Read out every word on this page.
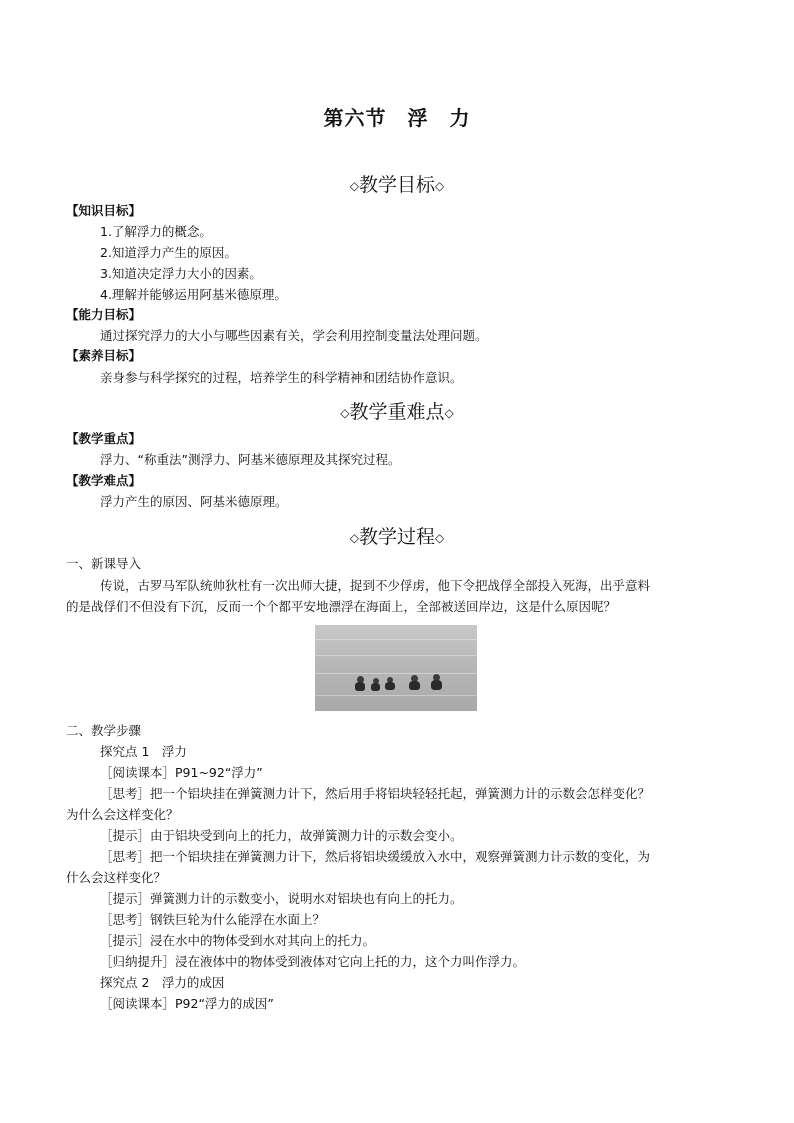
第六节　浮　力
◇教学目标◇
【知识目标】
1.了解浮力的概念。
2.知道浮力产生的原因。
3.知道决定浮力大小的因素。
4.理解并能够运用阿基米德原理。
【能力目标】
通过探究浮力的大小与哪些因素有关，学会利用控制变量法处理问题。
【素养目标】
亲身参与科学探究的过程，培养学生的科学精神和团结协作意识。
◇教学重难点◇
【教学重点】
浮力、“称重法”测浮力、阿基米德原理及其探究过程。
【教学难点】
浮力产生的原因、阿基米德原理。
◇教学过程◇
一、新课导入
传说，古罗马军队统帅狄杜有一次出师大捷，捉到不少俘虏，他下令把战俘全部投入死海，出乎意料
的是战俘们不但没有下沉，反而一个个都平安地漂浮在海面上，全部被送回岸边，这是什么原因呢？
二、教学步骤
探究点 1　浮力
［阅读课本］P91~92“浮力”
［思考］把一个铝块挂在弹簧测力计下，然后用手将铝块轻轻托起，弹簧测力计的示数会怎样变化？
为什么会这样变化？
［提示］由于铝块受到向上的托力，故弹簧测力计的示数会变小。
［思考］把一个铝块挂在弹簧测力计下，然后将铝块缓缓放入水中，观察弹簧测力计示数的变化，为
什么会这样变化？
［提示］弹簧测力计的示数变小，说明水对铝块也有向上的托力。
［思考］钢铁巨轮为什么能浮在水面上？
［提示］浸在水中的物体受到水对其向上的托力。
［归纳提升］浸在液体中的物体受到液体对它向上托的力，这个力叫作浮力。
探究点 2　浮力的成因
［阅读课本］P92“浮力的成因”
